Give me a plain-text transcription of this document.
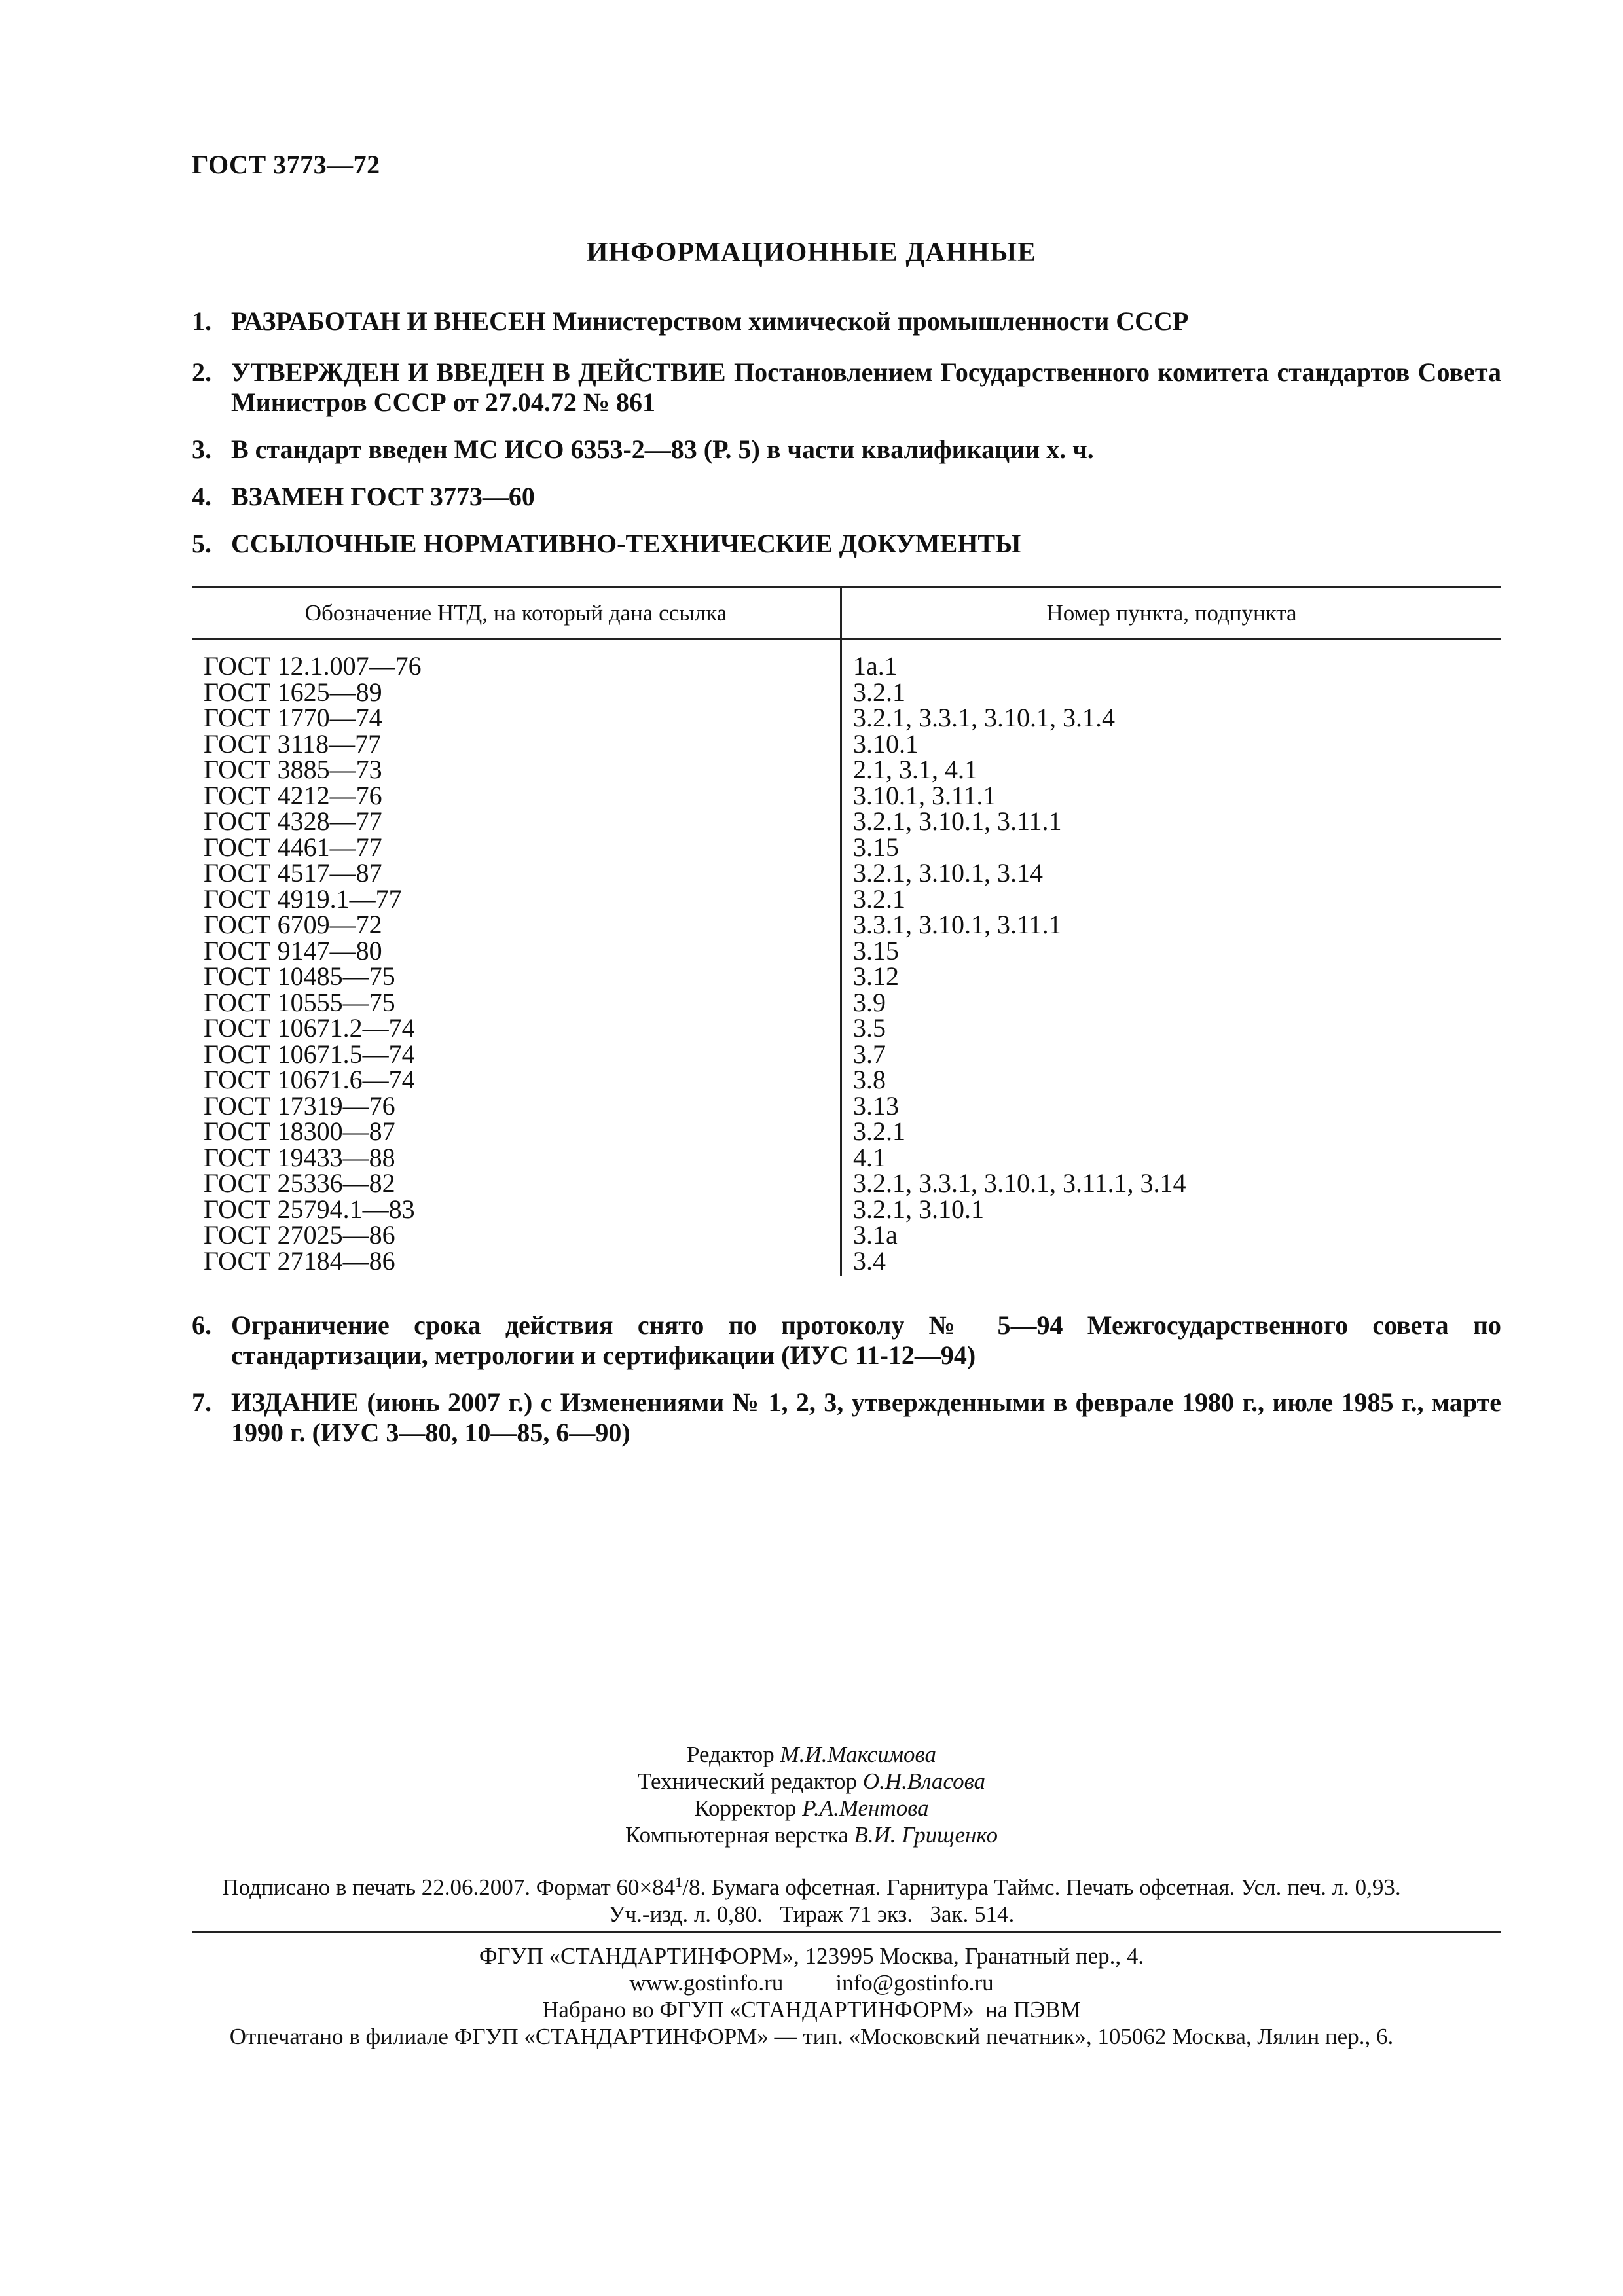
ГОСТ 3773—72
ИНФОРМАЦИОННЫЕ ДАННЫЕ
1. РАЗРАБОТАН И ВНЕСЕН Министерством химической промышленности СССР
2. УТВЕРЖДЕН И ВВЕДЕН В ДЕЙСТВИЕ Постановлением Государственного комитета стандартов Совета Министров СССР от 27.04.72 № 861
3. В стандарт введен МС ИСО 6353-2—83 (Р. 5) в части квалификации х. ч.
4. ВЗАМЕН ГОСТ 3773—60
5. ССЫЛОЧНЫЕ НОРМАТИВНО-ТЕХНИЧЕСКИЕ ДОКУМЕНТЫ
Обозначение НТД, на который дана ссылка	Номер пункта, подпункта
ГОСТ 12.1.007—76
ГОСТ 1625—89
ГОСТ 1770—74
ГОСТ 3118—77
ГОСТ 3885—73
ГОСТ 4212—76
ГОСТ 4328—77
ГОСТ 4461—77
ГОСТ 4517—87
ГОСТ 4919.1—77
ГОСТ 6709—72
ГОСТ 9147—80
ГОСТ 10485—75
ГОСТ 10555—75
ГОСТ 10671.2—74
ГОСТ 10671.5—74
ГОСТ 10671.6—74
ГОСТ 17319—76
ГОСТ 18300—87
ГОСТ 19433—88
ГОСТ 25336—82
ГОСТ 25794.1—83
ГОСТ 27025—86
ГОСТ 27184—86
1а.1
3.2.1
3.2.1, 3.3.1, 3.10.1, 3.1.4
3.10.1
2.1, 3.1, 4.1
3.10.1, 3.11.1
3.2.1, 3.10.1, 3.11.1
3.15
3.2.1, 3.10.1, 3.14
3.2.1
3.3.1, 3.10.1, 3.11.1
3.15
3.12
3.9
3.5
3.7
3.8
3.13
3.2.1
4.1
3.2.1, 3.3.1, 3.10.1, 3.11.1, 3.14
3.2.1, 3.10.1
3.1а
3.4
6. Ограничение срока действия снято по протоколу № 5—94 Межгосударственного совета по стандартизации, метрологии и сертификации (ИУС 11-12—94)
7. ИЗДАНИЕ (июнь 2007 г.) с Изменениями № 1, 2, 3, утвержденными в феврале 1980 г., июле 1985 г., марте 1990 г. (ИУС 3—80, 10—85, 6—90)
Редактор М.И.Максимова
Технический редактор О.Н.Власова
Корректор Р.А.Ментова
Компьютерная верстка В.И. Грищенко
Подписано в печать 22.06.2007. Формат $60\times 84^1/8$. Бумага офсетная. Гарнитура Таймс. Печать офсетная. Усл. печ. л. 0,93.
Уч.-изд. л. 0,80.   Тираж 71 экз.   Зак. 514.
ФГУП «СТАНДАРТИНФОРМ», 123995 Москва, Гранатный пер., 4.
www.gostinfo.ru info@gostinfo.ru
Набрано во ФГУП «СТАНДАРТИНФОРМ»  на ПЭВМ
Отпечатано в филиале ФГУП «СТАНДАРТИНФОРМ» — тип. «Московский печатник», 105062 Москва, Лялин пер., 6.
